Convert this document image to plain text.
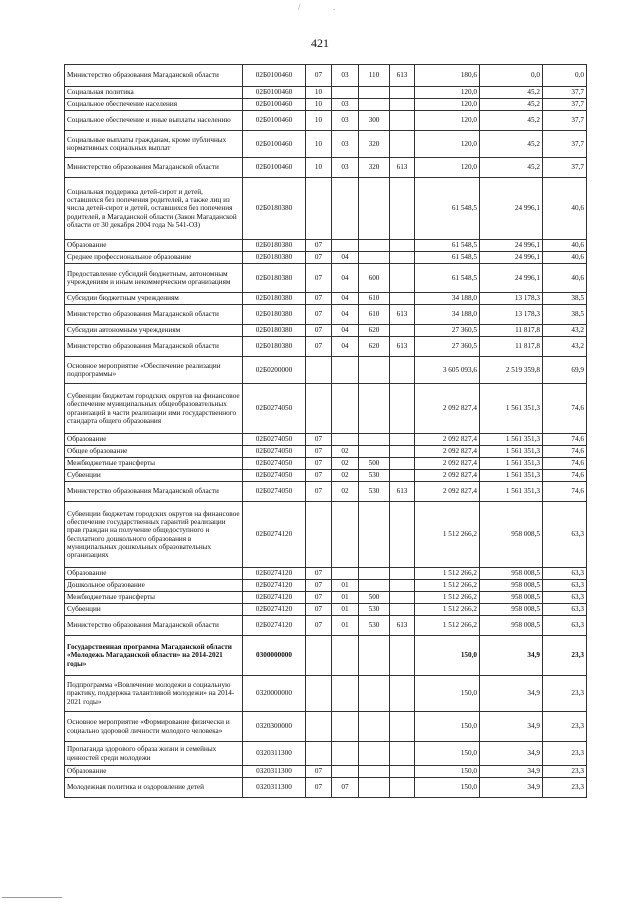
/	.
421
Министерство образования Магаданской области	02Б0100460	07	03	110	613	180,6	0,0	0,0
Социальная политика	02Б0100460	10				120,0	45,2	37,7
Социальное обеспечение населения	02Б0100460	10	03			120,0	45,2	37,7
Социальное обеспечение и иные выплаты населению	02Б0100460	10	03	300		120,0	45,2	37,7
Социальные выплаты гражданам, кроме публичных нормативных социальных выплат	02Б0100460	10	03	320		120,0	45,2	37,7
Министерство образования Магаданской области	02Б0100460	10	03	320	613	120,0	45,2	37,7
Социальная поддержка детей-сирот и детей, оставшихся без попечения родителей, а также лиц из числа детей-сирот и детей, оставшихся без попечения родителей, в Магаданской области (Закон Магаданской области от 30 декабря 2004 года № 541-ОЗ)	02Б0180380					61 548,5	24 996,1	40,6
Образование	02Б0180380	07				61 548,5	24 996,1	40,6
Среднее профессиональное образование	02Б0180380	07	04			61 548,5	24 996,1	40,6
Предоставление субсидий бюджетным, автономным учреждениям и иным некоммерческим организациям	02Б0180380	07	04	600		61 548,5	24 996,1	40,6
Субсидии бюджетным учреждениям	02Б0180380	07	04	610		34 188,0	13 178,3	38,5
Министерство образования Магаданской области	02Б0180380	07	04	610	613	34 188,0	13 178,3	38,5
Субсидии автономным учреждениям	02Б0180380	07	04	620		27 360,5	11 817,8	43,2
Министерство образования Магаданской области	02Б0180380	07	04	620	613	27 360,5	11 817,8	43,2
Основное мероприятие «Обеспечение реализации подпрограммы»	02Б0200000					3 605 093,6	2 519 359,8	69,9
Субвенции бюджетам городских округов на финансовое обеспечение муниципальных общеобразовательных организаций в части реализации ими государственного стандарта общего образования	02Б0274050					2 092 827,4	1 561 351,3	74,6
Образование	02Б0274050	07				2 092 827,4	1 561 351,3	74,6
Общее образование	02Б0274050	07	02			2 092 827,4	1 561 351,3	74,6
Межбюджетные трансферты	02Б0274050	07	02	500		2 092 827,4	1 561 351,3	74,6
Субвенции	02Б0274050	07	02	530		2 092 827,4	1 561 351,3	74,6
Министерство образования Магаданской области	02Б0274050	07	02	530	613	2 092 827,4	1 561 351,3	74,6
Субвенции бюджетам городских округов на финансовое обеспечение государственных гарантий реализации прав граждан на получение общедоступного и бесплатного дошкольного образования в муниципальных дошкольных образовательных организациях	02Б0274120					1 512 266,2	958 008,5	63,3
Образование	02Б0274120	07				1 512 266,2	958 008,5	63,3
Дошкольное образование	02Б0274120	07	01			1 512 266,2	958 008,5	63,3
Межбюджетные трансферты	02Б0274120	07	01	500		1 512 266,2	958 008,5	63,3
Субвенции	02Б0274120	07	01	530		1 512 266,2	958 008,5	63,3
Министерство образования Магаданской области	02Б0274120	07	01	530	613	1 512 266,2	958 008,5	63,3
Государственная программа Магаданской области «Молодежь Магаданской области» на 2014-2021 годы»	0300000000					150,0	34,9	23,3
Подпрограмма «Вовлечение молодежи в социальную практику, поддержка талантливой молодежи» на 2014-2021 годы»	0320000000					150,0	34,9	23,3
Основное мероприятие «Формирование физически и социально здоровой личности молодого человека»	0320300000					150,0	34,9	23,3
Пропаганда здорового образа жизни и семейных ценностей среди молодежи	0320311300					150,0	34,9	23,3
Образование	0320311300	07				150,0	34,9	23,3
Молодежная политика и оздоровление детей	0320311300	07	07			150,0	34,9	23,3
